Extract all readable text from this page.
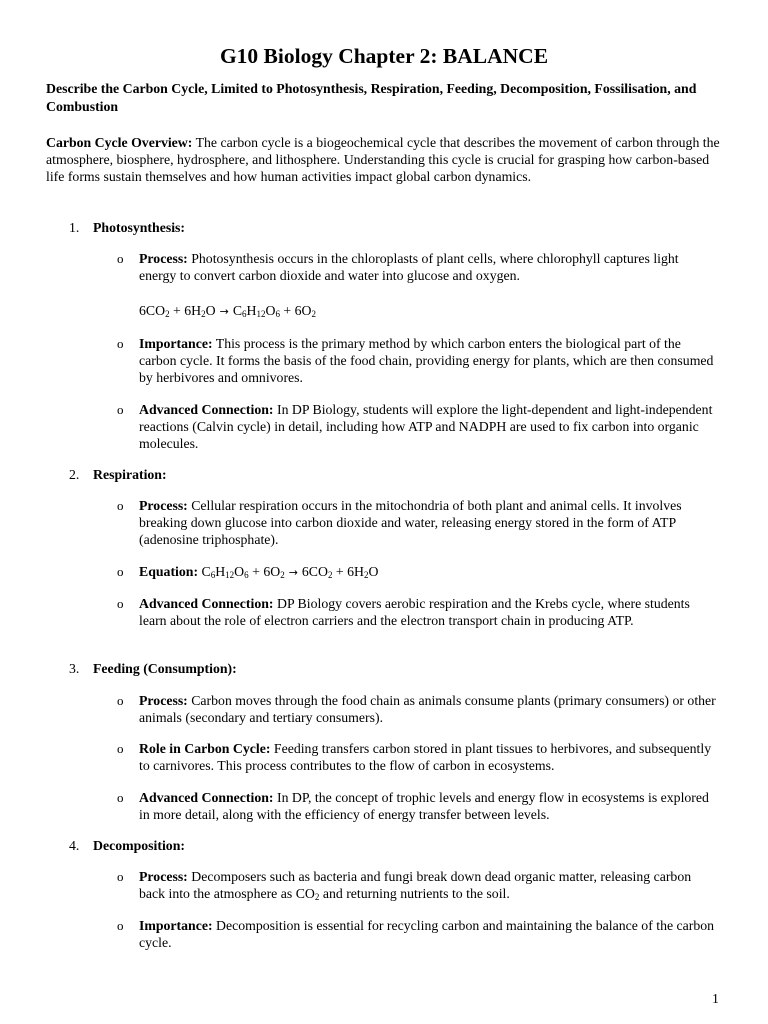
G10 Biology Chapter 2: BALANCE
Describe the Carbon Cycle, Limited to Photosynthesis, Respiration, Feeding, Decomposition, Fossilisation, and Combustion
Carbon Cycle Overview: The carbon cycle is a biogeochemical cycle that describes the movement of carbon through the atmosphere, biosphere, hydrosphere, and lithosphere. Understanding this cycle is crucial for grasping how carbon-based life forms sustain themselves and how human activities impact global carbon dynamics.
1. Photosynthesis:
o	Process: Photosynthesis occurs in the chloroplasts of plant cells, where chlorophyll captures light energy to convert carbon dioxide and water into glucose and oxygen.
$6CO_2 + 6H_2O \to C_6H_{12}O_6 + 6O_2$
o	Importance: This process is the primary method by which carbon enters the biological part of the carbon cycle. It forms the basis of the food chain, providing energy for plants, which are then consumed by herbivores and omnivores.
o	Advanced Connection: In DP Biology, students will explore the light-dependent and light-independent reactions (Calvin cycle) in detail, including how ATP and NADPH are used to fix carbon into organic molecules.
2. Respiration:
o	Process: Cellular respiration occurs in the mitochondria of both plant and animal cells. It involves breaking down glucose into carbon dioxide and water, releasing energy stored in the form of ATP (adenosine triphosphate).
o	Equation: $C_6H_{12}O_6 + 6O_2 \to 6CO_2 + 6H_2O$
o	Advanced Connection: DP Biology covers aerobic respiration and the Krebs cycle, where students learn about the role of electron carriers and the electron transport chain in producing ATP.
3. Feeding (Consumption):
o	Process: Carbon moves through the food chain as animals consume plants (primary consumers) or other animals (secondary and tertiary consumers).
o	Role in Carbon Cycle: Feeding transfers carbon stored in plant tissues to herbivores, and subsequently to carnivores. This process contributes to the flow of carbon in ecosystems.
o	Advanced Connection: In DP, the concept of trophic levels and energy flow in ecosystems is explored in more detail, along with the efficiency of energy transfer between levels.
4. Decomposition:
o	Process: Decomposers such as bacteria and fungi break down dead organic matter, releasing carbon back into the atmosphere as $CO_2$ and returning nutrients to the soil.
o	Importance: Decomposition is essential for recycling carbon and maintaining the balance of the carbon cycle.
1
